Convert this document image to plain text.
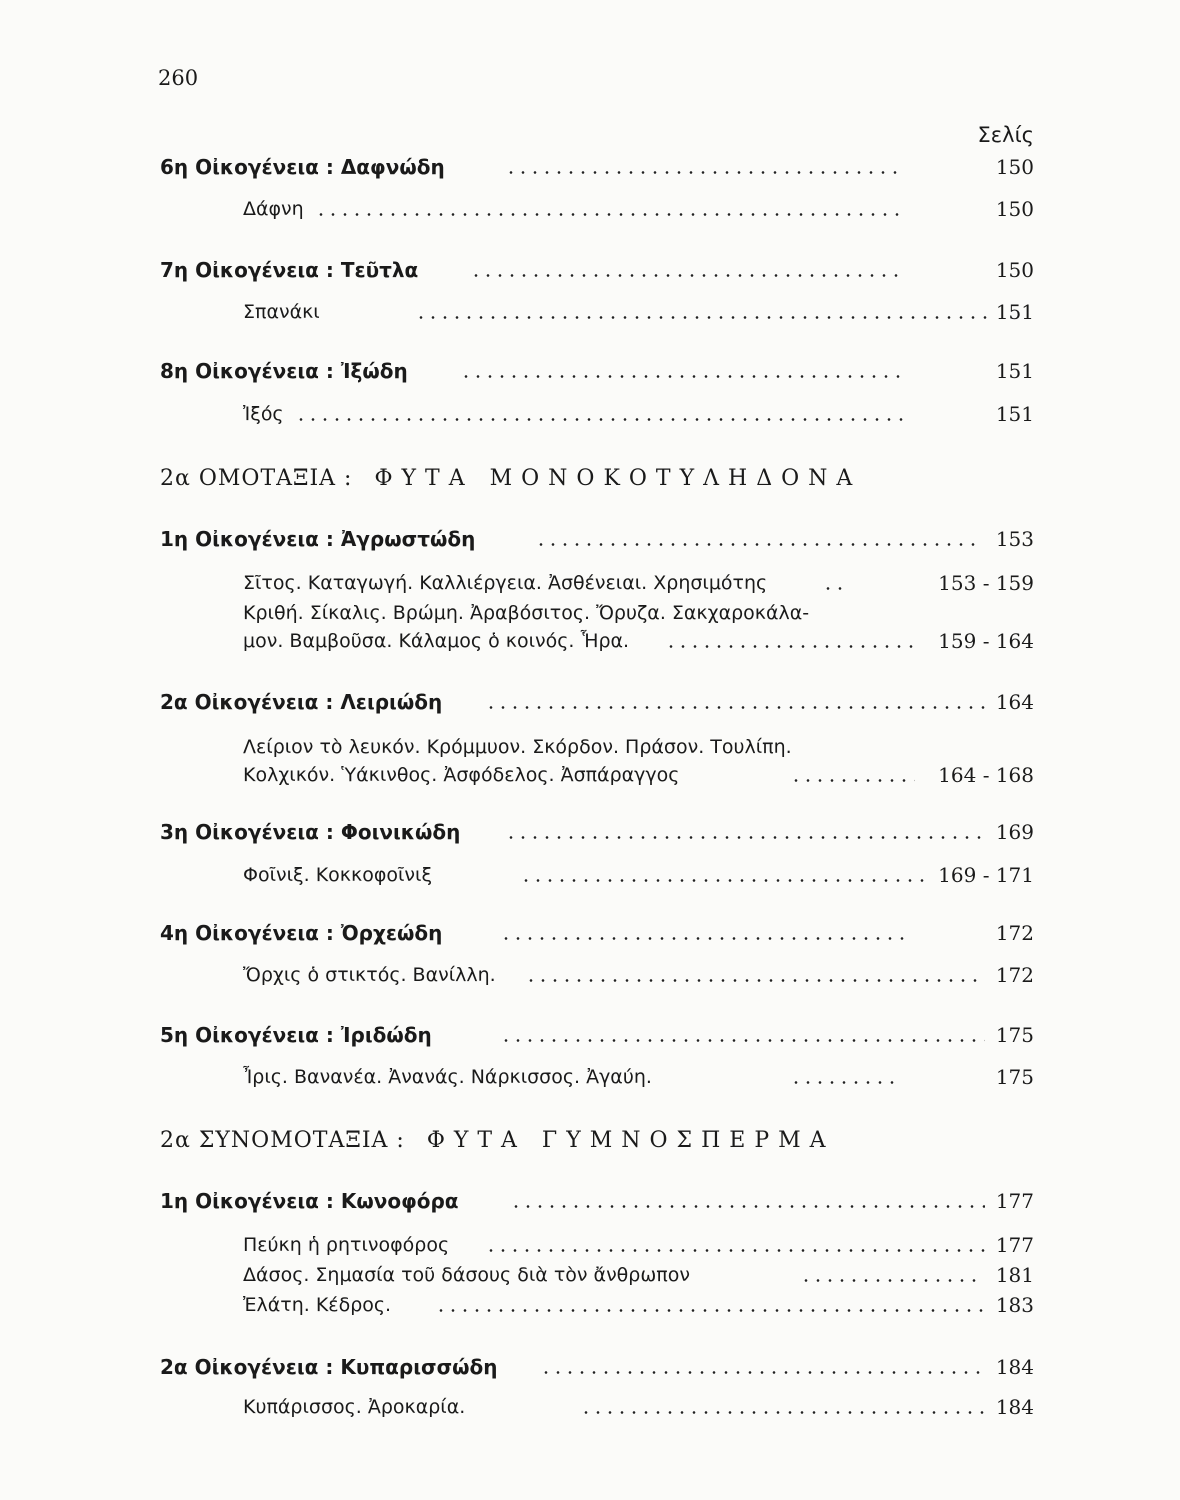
260
Σελίς
2α ΟΜΟΤΑΞΙΑ : ΦΥΤΑ ΜΟΝΟΚΟΤΥΛΗΔΟΝΑ
2α ΣΥΝΟΜΟΤΑΞΙΑ : ΦΥΤΑ ΓΥΜΝΟΣΠΕΡΜΑ
6η Οἰκογένεια : Δαφνώδη	150
Δάφνη	150
7η Οἰκογένεια : Τεῦτλα	150
Σπανάκι	151
8η Οἰκογένεια : Ἰξώδη	151
Ἰξός	151
1η Οἰκογένεια : Ἀγρωστώδη	153
Σῖτος. Καταγωγή. Καλλιέργεια. Ἀσθένειαι. Χρησιμότης	153 - 159
Κριθή. Σίκαλις. Βρώμη. Ἀραβόσιτος. Ὄρυζα. Σακχαροκάλα-
μον. Βαμβοῦσα. Κάλαμος ὁ κοινός. Ἧρα.	159 - 164
2α Οἰκογένεια : Λειριώδη	164
Λείριον τὸ λευκόν. Κρόμμυον. Σκόρδον. Πράσον. Τουλίπη.
Κολχικόν. Ὑάκινθος. Ἀσφόδελος. Ἀσπάραγγος	164 - 168
3η Οἰκογένεια : Φοινικώδη	169
Φοῖνιξ. Κοκκοφοῖνιξ	169 - 171
4η Οἰκογένεια : Ὀρχεώδη	172
Ὄρχις ὁ στικτός. Βανίλλη.	172
5η Οἰκογένεια : Ἰριδώδη	175
Ἶρις. Βανανέα. Ἀνανάς. Νάρκισσος. Ἀγαύη.	175
1η Οἰκογένεια : Κωνοφόρα	177
Πεύκη ἡ ρητινοφόρος	177
Δάσος. Σημασία τοῦ δάσους διὰ τὸν ἄνθρωπον	181
Ἐλάτη. Κέδρος.	183
2α Οἰκογένεια : Κυπαρισσώδη	184
Κυπάρισσος. Ἀροκαρία.	184
